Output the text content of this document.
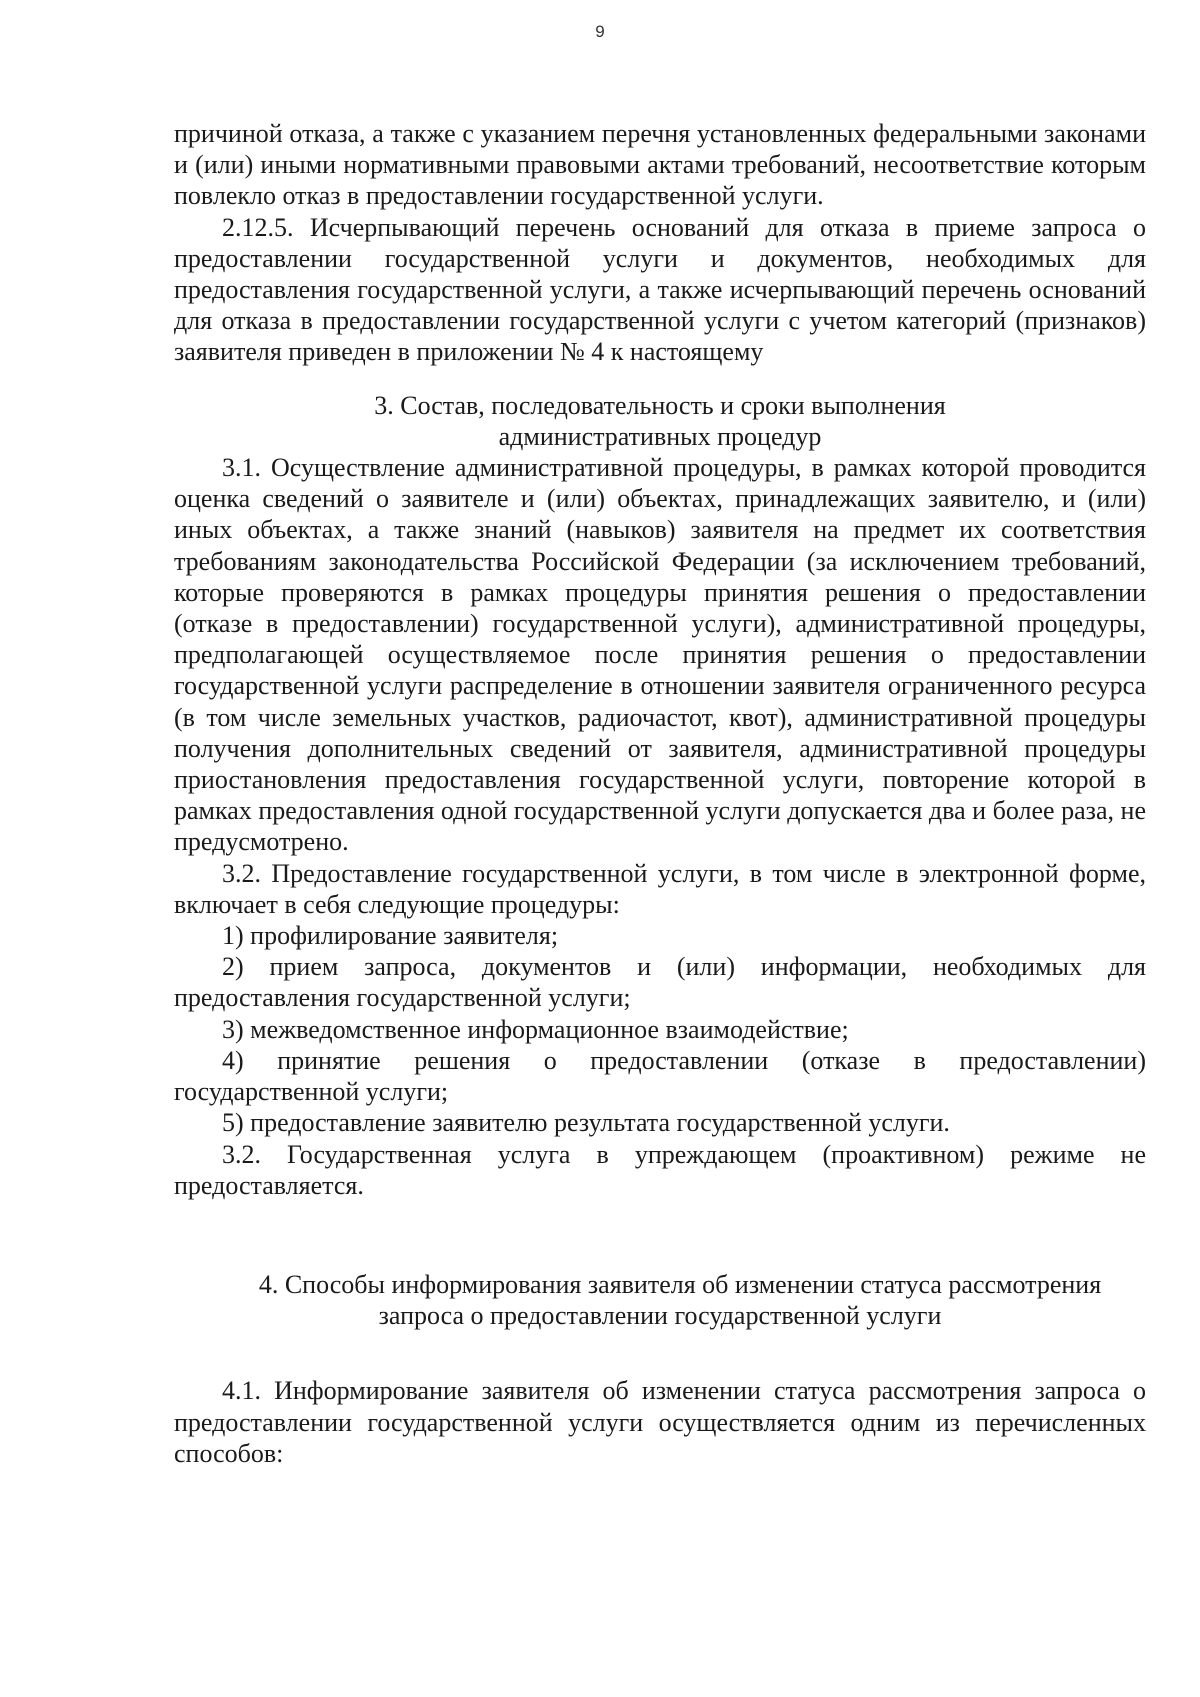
9

причиной отказа, а также с указанием перечня установленных федеральными законами и (или) иными нормативными правовыми актами требований, несоответствие которым повлекло отказ в предоставлении государственной услуги.

2.12.5. Исчерпывающий перечень оснований для отказа в приеме запроса о предоставлении государственной услуги и документов, необходимых для предоставления государственной услуги, а также исчерпывающий перечень оснований для отказа в предоставлении государственной услуги с учетом категорий (признаков) заявителя приведен в приложении № 4 к настоящему

3. Состав, последовательность и сроки выполнения

административных процедур

3.1. Осуществление административной процедуры, в рамках которой проводится оценка сведений о заявителе и (или) объектах, принадлежащих заявителю, и (или) иных объектах, а также знаний (навыков) заявителя на предмет их соответствия требованиям законодательства Российской Федерации (за исключением требований, которые проверяются в рамках процедуры принятия решения о предоставлении (отказе в предоставлении) государственной услуги), административной процедуры, предполагающей осуществляемое после принятия решения о предоставлении государственной услуги распределение в отношении заявителя ограниченного ресурса (в том числе земельных участков, радиочастот, квот), административной процедуры получения дополнительных сведений от заявителя, административной процедуры приостановления предоставления государственной услуги, повторение которой в рамках предоставления одной государственной услуги допускается два и более раза, не предусмотрено.

3.2. Предоставление государственной услуги, в том числе в электронной форме, включает в себя следующие процедуры:

1) профилирование заявителя;

2) прием запроса, документов и (или) информации, необходимых для предоставления государственной услуги;

3) межведомственное информационное взаимодействие;

4) принятие решения о предоставлении (отказе в предоставлении) государственной услуги;

5) предоставление заявителю результата государственной услуги.

3.2. Государственная услуга в упреждающем (проактивном) режиме не предоставляется.

4. Способы информирования заявителя об изменении статуса рассмотрения

запроса о предоставлении государственной услуги

4.1. Информирование заявителя об изменении статуса рассмотрения запроса о предоставлении государственной услуги осуществляется одним из перечисленных способов:
